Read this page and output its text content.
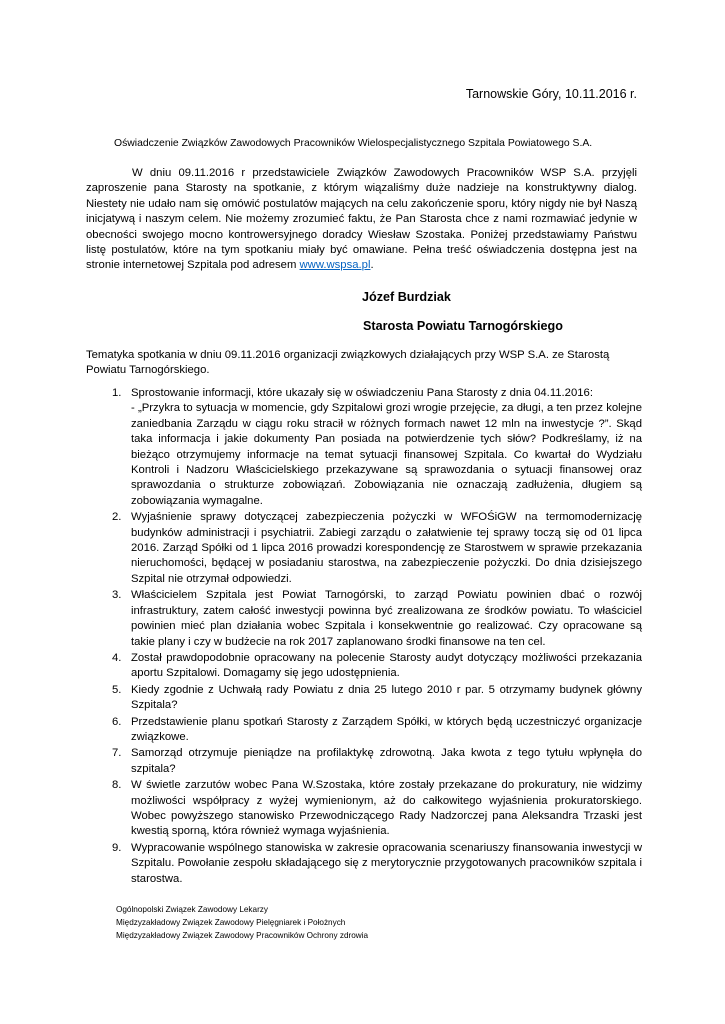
Tarnowskie Góry, 10.11.2016 r.
Oświadczenie Związków Zawodowych Pracowników Wielospecjalistycznego Szpitala Powiatowego S.A.

W dniu 09.11.2016 r przedstawiciele Związków Zawodowych Pracowników WSP S.A. przyjęli zaproszenie pana Starosty na spotkanie, z którym wiązaliśmy duże nadzieje na konstruktywny dialog. Niestety nie udało nam się omówić postulatów mających na celu zakończenie sporu, który nigdy nie był Naszą inicjatywą i naszym celem. Nie możemy zrozumieć faktu, że Pan Starosta chce z nami rozmawiać jedynie w obecności swojego mocno kontrowersyjnego doradcy Wiesław Szostaka. Poniżej przedstawiamy Państwu listę postulatów, które na tym spotkaniu miały być omawiane. Pełna treść oświadczenia dostępna jest na stronie internetowej Szpitala pod adresem www.wspsa.pl.

Józef Burdziak
Starosta Powiatu Tarnogórskiego

Tematyka spotkania w dniu 09.11.2016 organizacji związkowych działających przy WSP S.A. ze Starostą Powiatu Tarnogórskiego.

1. Sprostowanie informacji, które ukazały się w oświadczeniu Pana Starosty z dnia 04.11.2016:
- „Przykra to sytuacja w momencie, gdy Szpitalowi grozi wrogie przejęcie, za długi, a ten przez kolejne zaniedbania Zarządu w ciągu roku stracił w różnych formach nawet 12 mln na inwestycje ?”. Skąd taka informacja i jakie dokumenty Pan posiada na potwierdzenie tych słów? Podkreślamy, iż na bieżąco otrzymujemy informacje na temat sytuacji finansowej Szpitala. Co kwartał do Wydziału Kontroli i Nadzoru Właścicielskiego przekazywane są sprawozdania o sytuacji finansowej oraz sprawozdania o strukturze zobowiązań. Zobowiązania nie oznaczają zadłużenia, długiem są zobowiązania wymagalne.
2. Wyjaśnienie sprawy dotyczącej zabezpieczenia pożyczki w WFOŚiGW na termomodernizację budynków administracji i psychiatrii. Zabiegi zarządu o załatwienie tej sprawy toczą się od 01 lipca 2016. Zarząd Spółki od 1 lipca 2016 prowadzi korespondencję ze Starostwem w sprawie przekazania nieruchomości, będącej w posiadaniu starostwa, na zabezpieczenie pożyczki. Do dnia dzisiejszego Szpital nie otrzymał odpowiedzi.
3. Właścicielem Szpitala jest Powiat Tarnogórski, to zarząd Powiatu powinien dbać o rozwój infrastruktury, zatem całość inwestycji powinna być zrealizowana ze środków powiatu. To właściciel powinien mieć plan działania wobec Szpitala i konsekwentnie go realizować. Czy opracowane są takie plany i czy w budżecie na rok 2017 zaplanowano środki finansowe na ten cel.
4. Został prawdopodobnie opracowany na polecenie Starosty audyt dotyczący możliwości przekazania aportu Szpitalowi. Domagamy się jego udostępnienia.
5. Kiedy zgodnie z Uchwałą rady Powiatu z dnia 25 lutego 2010 r par. 5 otrzymamy budynek główny Szpitala?
6. Przedstawienie planu spotkań Starosty z Zarządem Spółki, w których będą uczestniczyć organizacje związkowe.
7. Samorząd otrzymuje pieniądze na profilaktykę zdrowotną. Jaka kwota z tego tytułu wpłynęła do szpitala?
8. W świetle zarzutów wobec Pana W.Szostaka, które zostały przekazane do prokuratury, nie widzimy możliwości współpracy z wyżej wymienionym, aż do całkowitego wyjaśnienia prokuratorskiego. Wobec powyższego stanowisko Przewodniczącego Rady Nadzorczej pana Aleksandra Trzaski jest kwestią sporną, która również wymaga wyjaśnienia.
9. Wypracowanie wspólnego stanowiska w zakresie opracowania scenariuszy finansowania inwestycji w Szpitalu. Powołanie zespołu składającego się z merytorycznie przygotowanych pracowników szpitala i starostwa.
Ogólnopolski Związek Zawodowy Lekarzy
Międzyzakładowy Związek Zawodowy Pielęgniarek i Położnych
Międzyzakładowy Związek Zawodowy Pracowników Ochrony zdrowia
